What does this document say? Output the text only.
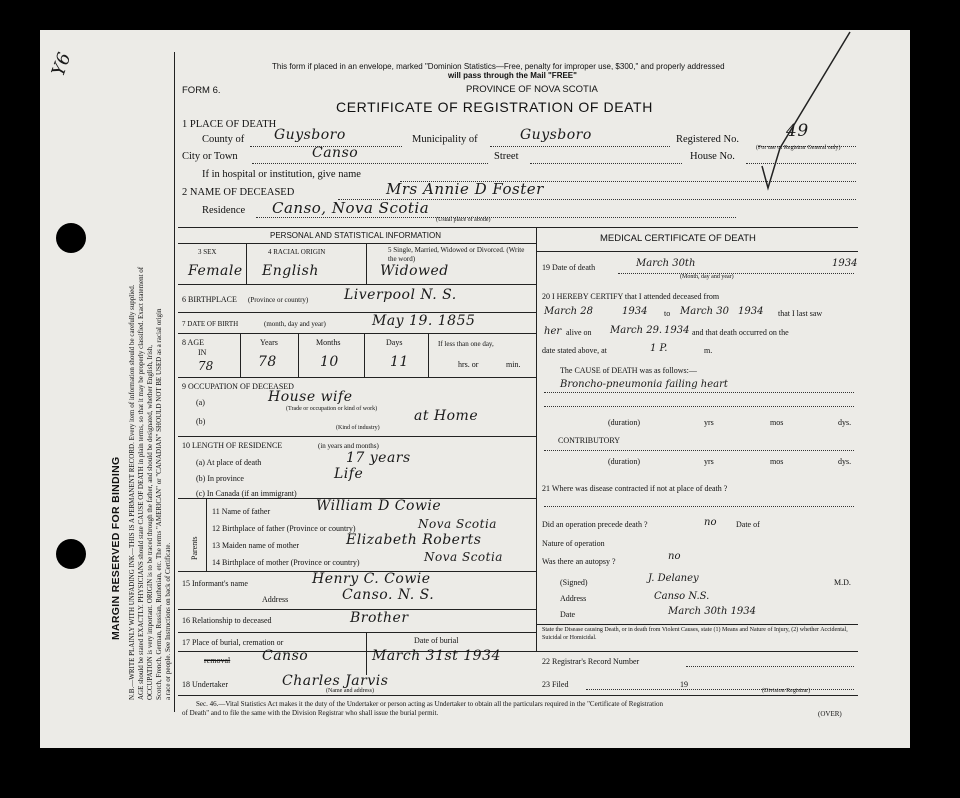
Y6
MARGIN RESERVED FOR BINDING N.B.—WRITE PLAINLY WITH UNFADING INK—THIS IS A PERMANENT RECORD. Every item of information should be carefully supplied. AGE should be stated EXACTLY. PHYSICIANS should state CAUSE OF DEATH in plain terms, so that it may be properly classified. Exact statement of OCCUPATION is very important. ORIGIN is to be traced through the father, and should be designated, whether English, Irish, Scotch, French, German, Russian, Ruthenian, etc. The terms "AMERICAN" or "CANADIAN" SHOULD NOT BE USED as a racial origin a race or people. See Instructions on back of Certificate.
This form if placed in an envelope, marked "Dominion Statistics—Free, penalty for improper use, $300," and properly addressed
will pass through the Mail "FREE"
PROVINCE OF NOVA SCOTIA
FORM 6.
CERTIFICATE OF REGISTRATION OF DEATH
1 PLACE OF DEATH
County of Guysboro	Municipality of	Guysboro	Registered No.	49
(For use of Registrar General only)
City or Town	Canso	Street	House No.
If in hospital or institution, give name
2 NAME OF DECEASED	Mrs Annie D Foster
Residence Canso, Nova Scotia
(Usual place of abode)
PERSONAL AND STATISTICAL INFORMATION
3 SEX	4 RACIAL ORIGIN	5 Single, Married, Widowed or Divorced. (Write the word)
Female English	Widowed
6 BIRTHPLACE (Province or country)	Liverpool N. S.
7 DATE OF BIRTH	(month, day and year)	May 19. 1855
8 AGE
IN
78
Years	Months	Days
78	10	11
If less than one day,
hrs. or	min.
9 OCCUPATION OF DECEASED
(a)	House wife
(Trade or occupation or kind of work)
(b)	at Home
(Kind of industry)
10 LENGTH OF RESIDENCE	(in years and months)
(a) At place of death	17 years
(b) In province	Life
(c) In Canada (if an immigrant)
Parents
11 Name of father	William D Cowie
12 Birthplace of father (Province or country)	Nova Scotia
13 Maiden name of mother	Elizabeth Roberts
14 Birthplace of mother (Province or country)	Nova Scotia
15 Informant's name	Henry C. Cowie
Address	Canso. N. S.
16 Relationship to deceased	Brother
17 Place of burial, cremation or
removal Canso
Date of burial
March 31st 1934
18 Undertaker	Charles Jarvis
(Name and address)
MEDICAL CERTIFICATE OF DEATH
19 Date of death	March 30th	1934
(Month, day and year)
20 I HEREBY CERTIFY that I attended deceased from
March 28	1934 to March 30 1934 that I last saw
her alive on March 29. 1934 and that death occurred on the
date stated above, at	1 P.	m.
The CAUSE of DEATH was as follows:—
Broncho-pneumonia failing heart
(duration)	yrs	mos	dys.
CONTRIBUTORY
(duration)	yrs	mos	dys.
21 Where was disease contracted if not at place of death ?
Did an operation precede death ?	no Date of
Nature of operation
Was there an autopsy ?	no
(Signed)	J. Delaney	M.D.
Address	Canso N.S.
Date	March 30th 1934
State the Disease causing Death, or in death from Violent Causes, state (1) Means and Nature of Injury, (2) whether Accidental, Suicidal or Homicidal.
22 Registrar's Record Number
23 Filed	19
(Division Registrar)
Sec. 46.—Vital Statistics Act makes it the duty of the Undertaker or person acting as Undertaker to obtain all the particulars required in the "Certificate of Registration
of Death" and to file the same with the Division Registrar who shall issue the burial permit.	(OVER)
